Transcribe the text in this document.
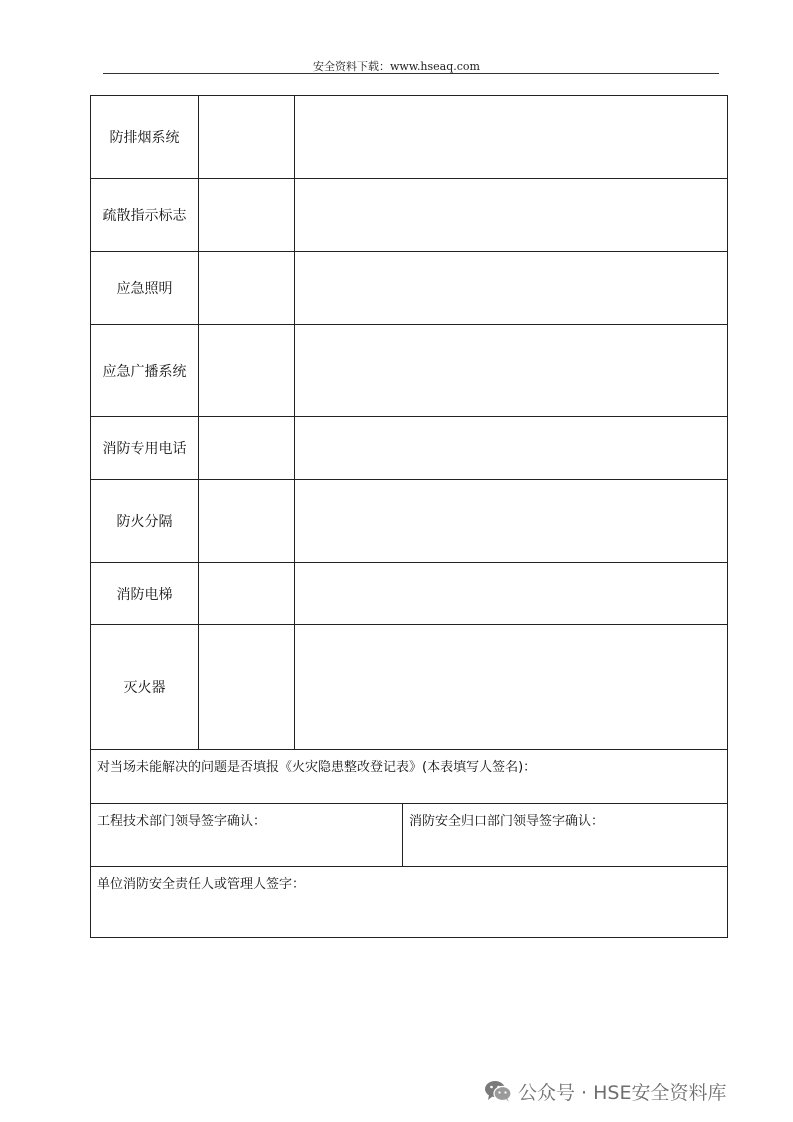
安全资料下载：www.hseaq.com
防排烟系统			
疏散指示标志			
应急照明			
应急广播系统			
消防专用电话			
防火分隔			
消防电梯			
灭火器			
对当场未能解决的问题是否填报《火灾隐患整改登记表》(本表填写人签名)：			
工程技术部门领导签字确认：			消防安全归口部门领导签字确认：
单位消防安全责任人或管理人签字：			
公众号 · HSE安全资料库
